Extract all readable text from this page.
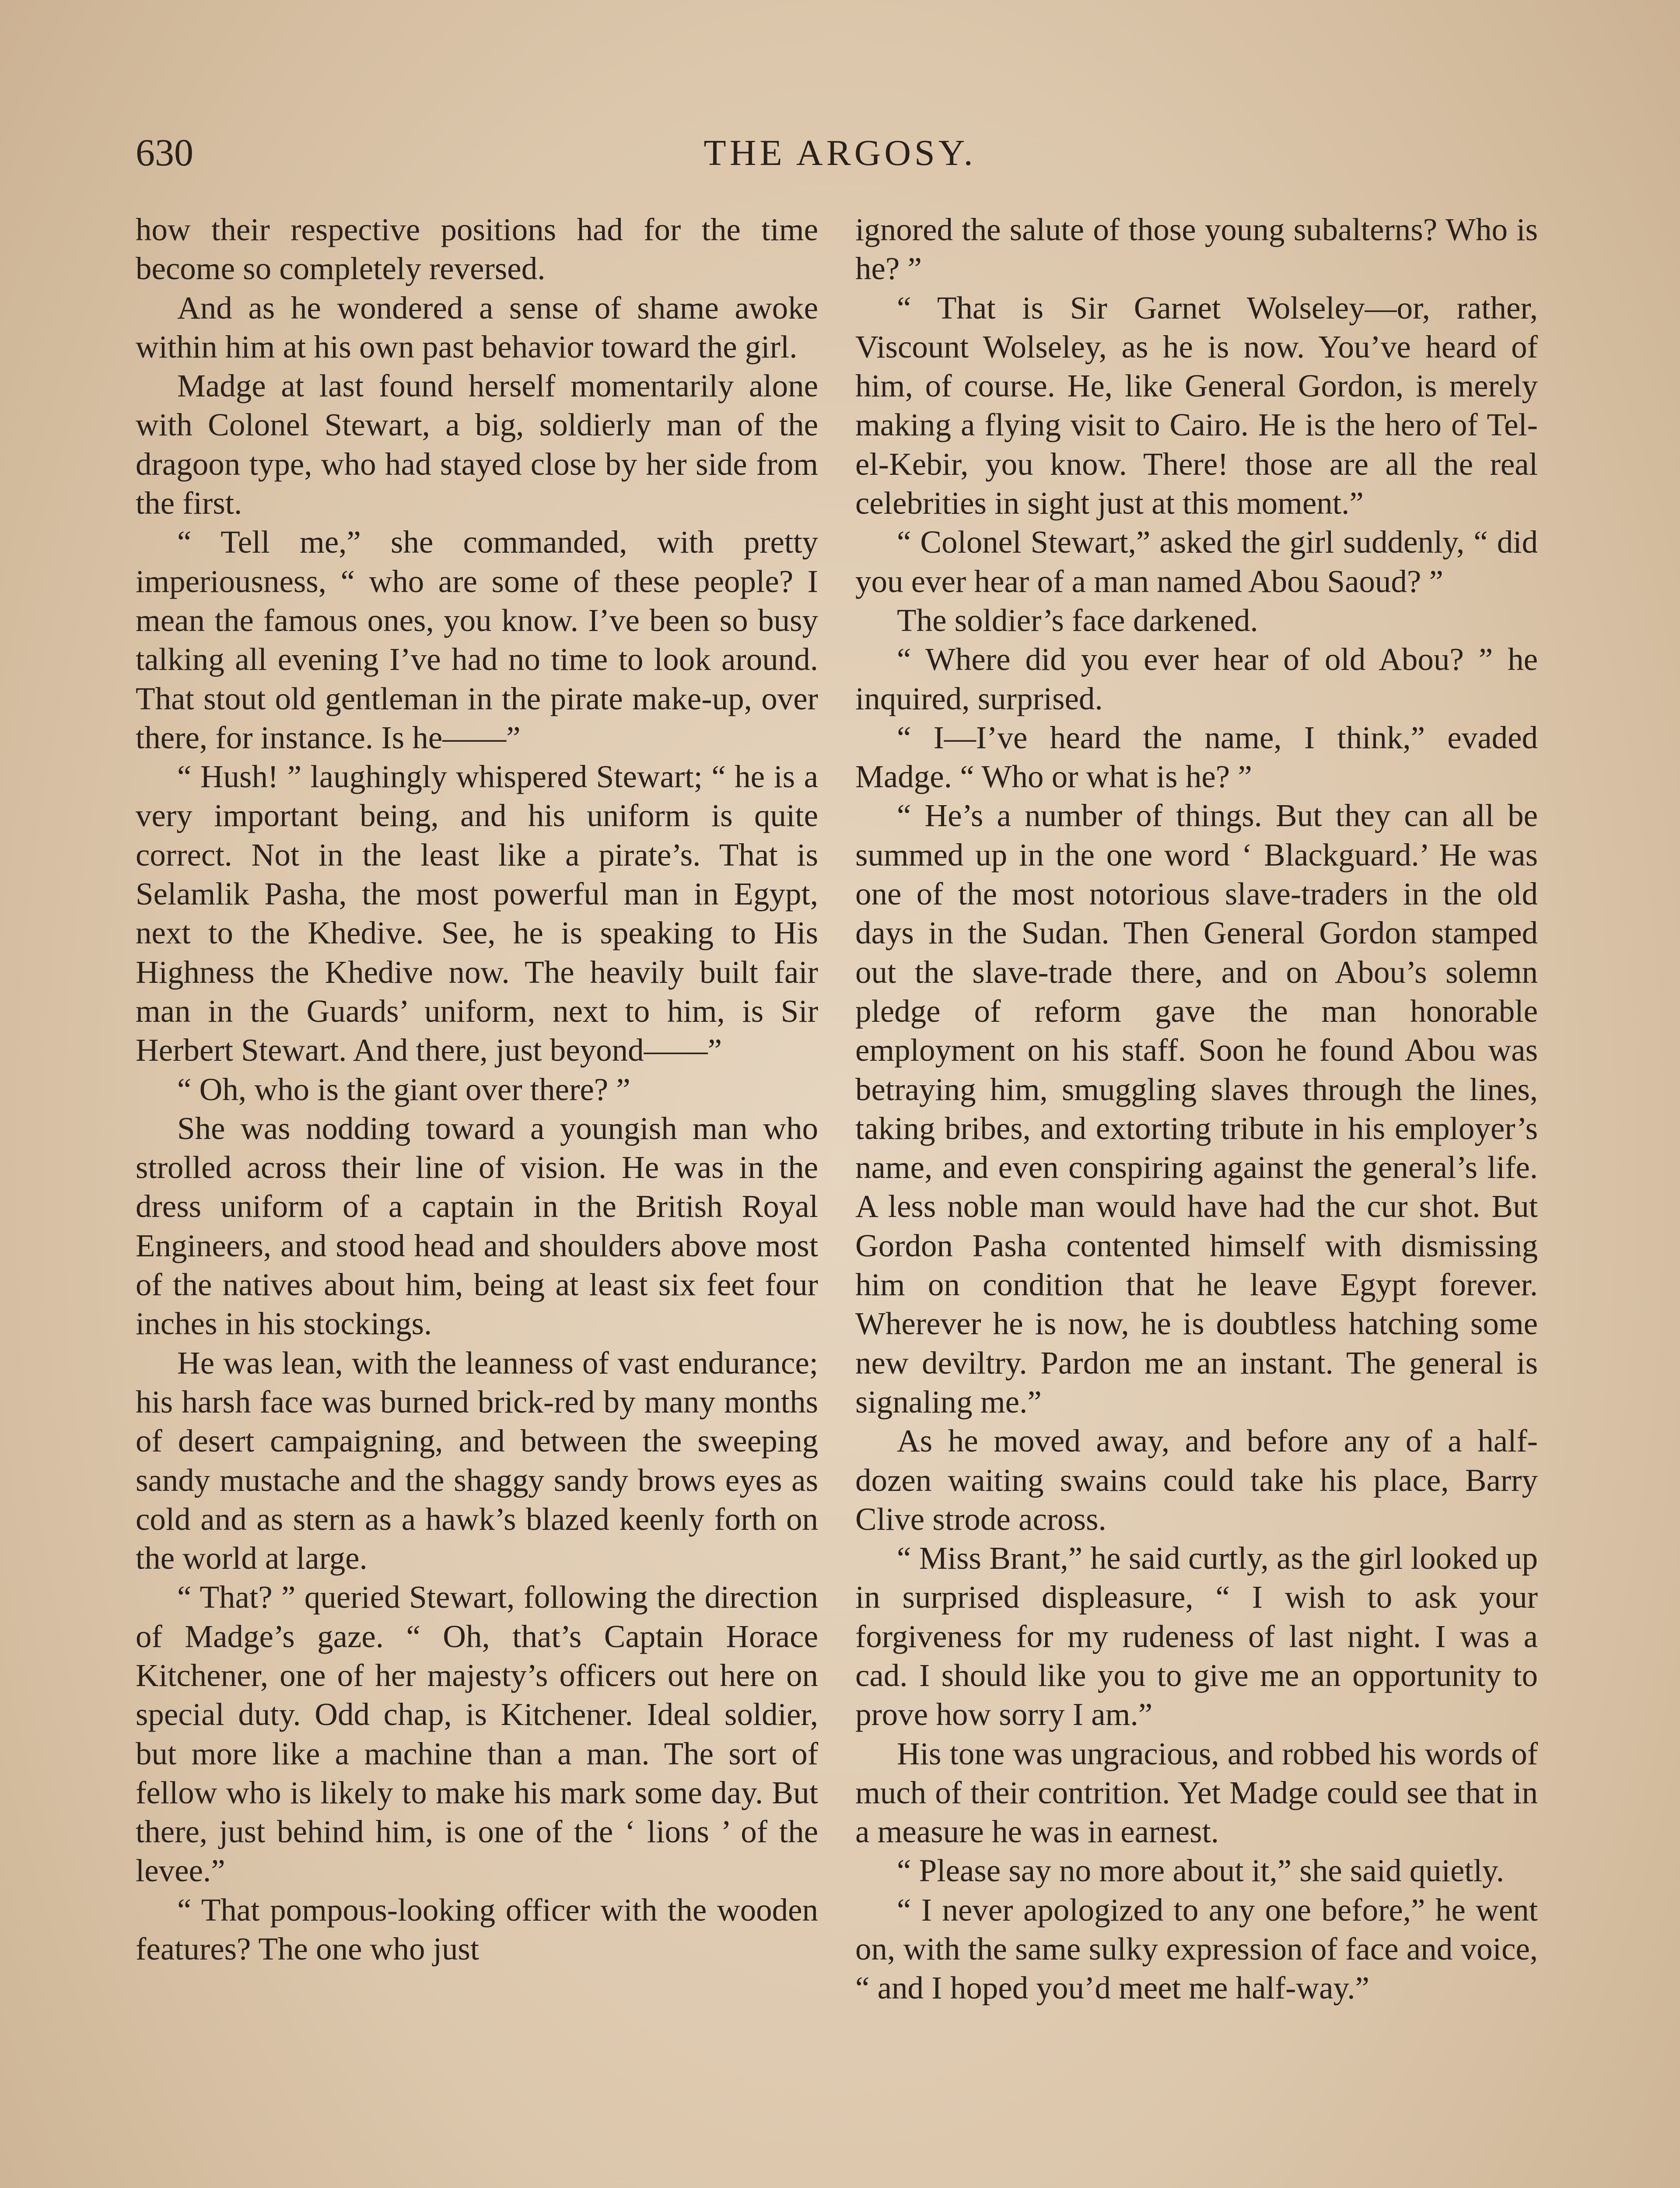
630	THE ARGOSY.

how their respective positions had for the time become so completely reversed.

And as he wondered a sense of shame awoke within him at his own past behavior toward the girl.

Madge at last found herself momentarily alone with Colonel Stewart, a big, soldierly man of the dragoon type, who had stayed close by her side from the first.

“ Tell me,” she commanded, with pretty imperiousness, “ who are some of these people? I mean the famous ones, you know. I’ve been so busy talking all evening I’ve had no time to look around. That stout old gentleman in the pirate make-up, over there, for instance. Is he——”

“ Hush! ” laughingly whispered Stewart; “ he is a very important being, and his uniform is quite correct. Not in the least like a pirate’s. That is Selamlik Pasha, the most powerful man in Egypt, next to the Khedive. See, he is speaking to His Highness the Khedive now. The heavily built fair man in the Guards’ uniform, next to him, is Sir Herbert Stewart. And there, just beyond——”

“ Oh, who is the giant over there? ”

She was nodding toward a youngish man who strolled across their line of vision. He was in the dress uniform of a captain in the British Royal Engineers, and stood head and shoulders above most of the natives about him, being at least six feet four inches in his stockings.

He was lean, with the leanness of vast endurance; his harsh face was burned brick-red by many months of desert campaigning, and between the sweeping sandy mustache and the shaggy sandy brows eyes as cold and as stern as a hawk’s blazed keenly forth on the world at large.

“ That? ” queried Stewart, following the direction of Madge’s gaze. “ Oh, that’s Captain Horace Kitchener, one of her majesty’s officers out here on special duty. Odd chap, is Kitchener. Ideal soldier, but more like a machine than a man. The sort of fellow who is likely to make his mark some day. But there, just behind him, is one of the ‘ lions ’ of the levee.”

“ That pompous-looking officer with the wooden features? The one who just

ignored the salute of those young subalterns? Who is he? ”

“ That is Sir Garnet Wolseley—or, rather, Viscount Wolseley, as he is now. You’ve heard of him, of course. He, like General Gordon, is merely making a flying visit to Cairo. He is the hero of Tel-el-Kebir, you know. There! those are all the real celebrities in sight just at this moment.”

“ Colonel Stewart,” asked the girl suddenly, “ did you ever hear of a man named Abou Saoud? ”

The soldier’s face darkened.

“ Where did you ever hear of old Abou? ” he inquired, surprised.

“ I—I’ve heard the name, I think,” evaded Madge. “ Who or what is he? ”

“ He’s a number of things. But they can all be summed up in the one word ‘ Blackguard.’ He was one of the most notorious slave-traders in the old days in the Sudan. Then General Gordon stamped out the slave-trade there, and on Abou’s solemn pledge of reform gave the man honorable employment on his staff. Soon he found Abou was betraying him, smuggling slaves through the lines, taking bribes, and extorting tribute in his employer’s name, and even conspiring against the general’s life. A less noble man would have had the cur shot. But Gordon Pasha contented himself with dismissing him on condition that he leave Egypt forever. Wherever he is now, he is doubtless hatching some new deviltry. Pardon me an instant. The general is signaling me.”

As he moved away, and before any of a half-dozen waiting swains could take his place, Barry Clive strode across.

“ Miss Brant,” he said curtly, as the girl looked up in surprised displeasure, “ I wish to ask your forgiveness for my rudeness of last night. I was a cad. I should like you to give me an opportunity to prove how sorry I am.”

His tone was ungracious, and robbed his words of much of their contrition. Yet Madge could see that in a measure he was in earnest.

“ Please say no more about it,” she said quietly.

“ I never apologized to any one before,” he went on, with the same sulky expression of face and voice, “ and I hoped you’d meet me half-way.”
